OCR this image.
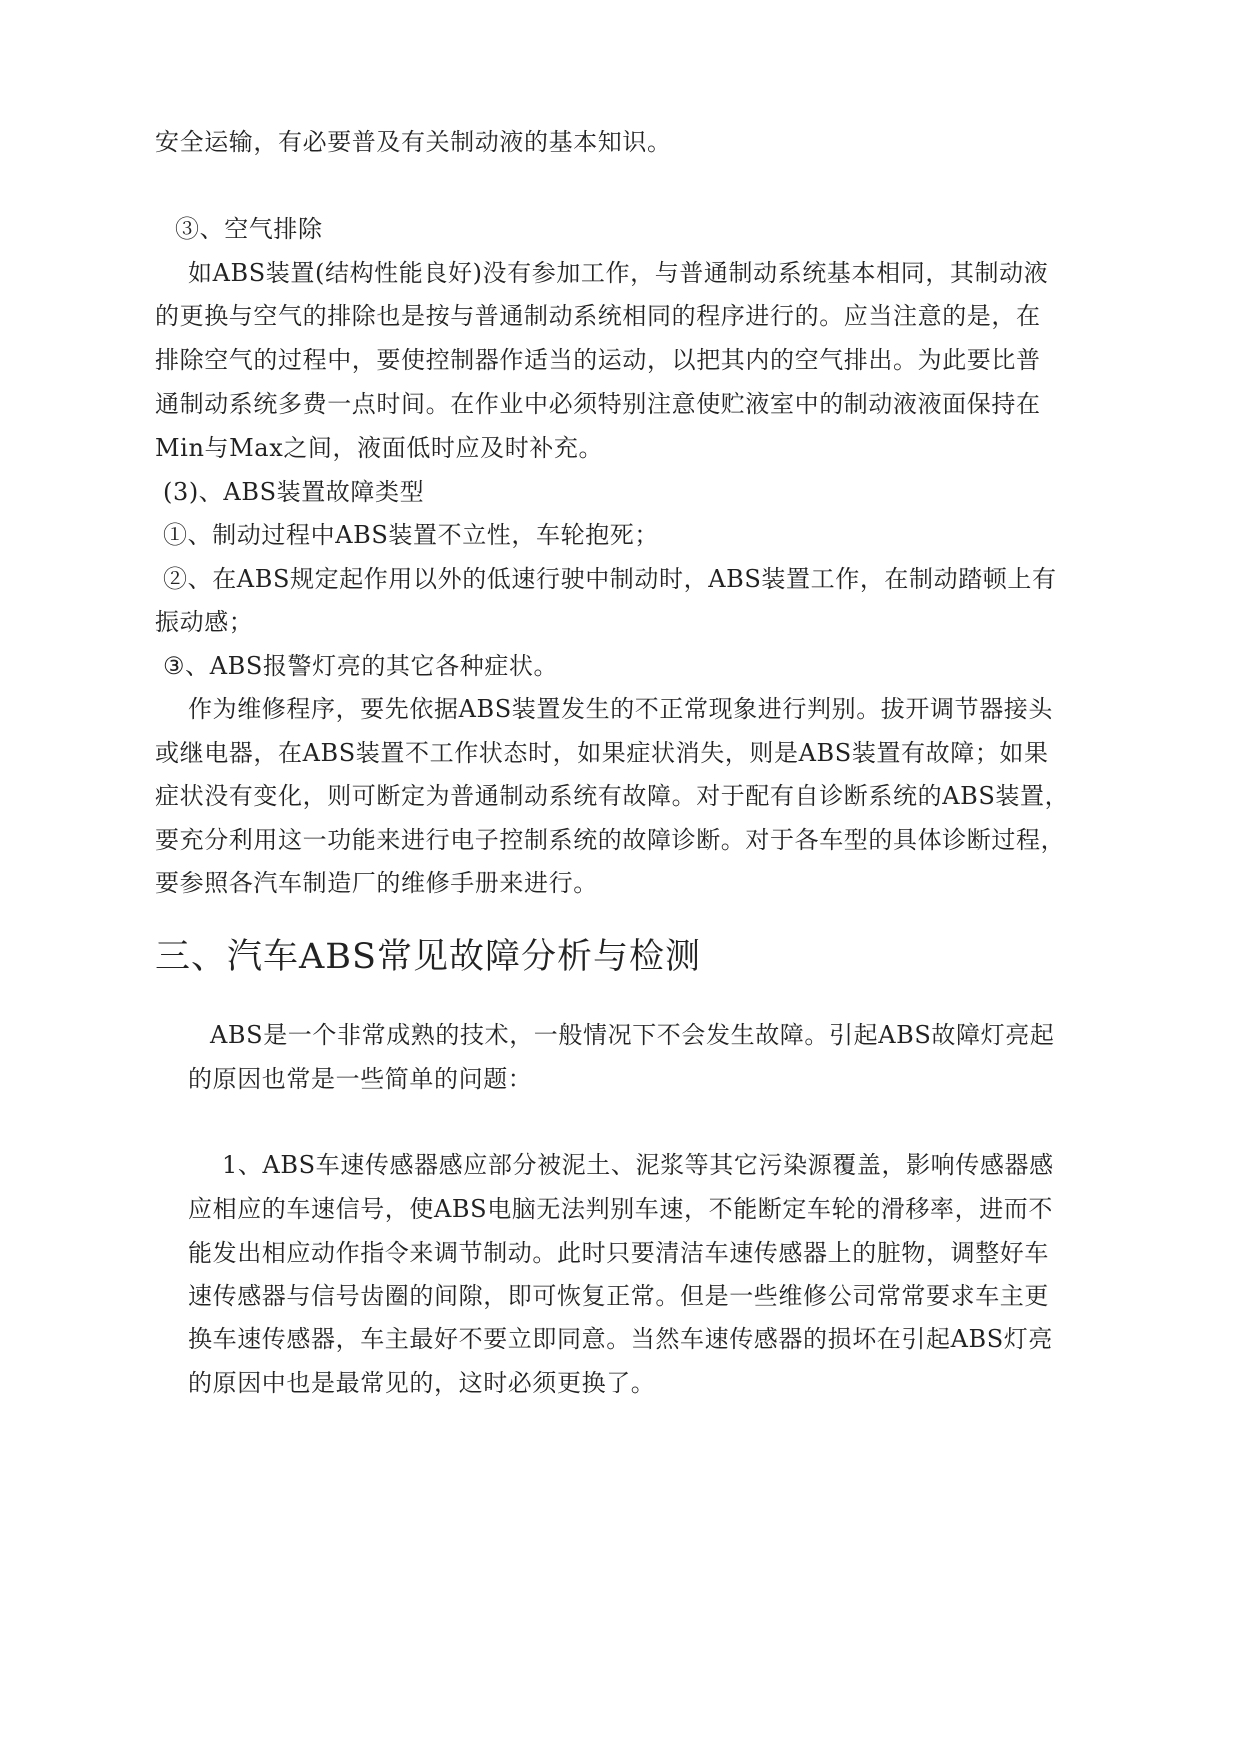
安全运输，有必要普及有关制动液的基本知识。
③、空气排除
如ABS装置(结构性能良好)没有参加工作，与普通制动系统基本相同，其制动液
的更换与空气的排除也是按与普通制动系统相同的程序进行的。应当注意的是，在
排除空气的过程中，要使控制器作适当的运动，以把其内的空气排出。为此要比普
通制动系统多费一点时间。在作业中必须特别注意使贮液室中的制动液液面保持在
Min与Max之间，液面低时应及时补充。
(3)、ABS装置故障类型
①、制动过程中ABS装置不立性，车轮抱死；
②、在ABS规定起作用以外的低速行驶中制动时，ABS装置工作，在制动踏顿上有
振动感；
③、ABS报警灯亮的其它各种症状。
作为维修程序，要先依据ABS装置发生的不正常现象进行判别。拔开调节器接头
或继电器，在ABS装置不工作状态时，如果症状消失，则是ABS装置有故障；如果
症状没有变化，则可断定为普通制动系统有故障。对于配有自诊断系统的ABS装置，
要充分利用这一功能来进行电子控制系统的故障诊断。对于各车型的具体诊断过程，
要参照各汽车制造厂的维修手册来进行。
三、汽车ABS常见故障分析与检测
ABS是一个非常成熟的技术，一般情况下不会发生故障。引起ABS故障灯亮起
的原因也常是一些简单的问题：
1、ABS车速传感器感应部分被泥土、泥浆等其它污染源覆盖，影响传感器感
应相应的车速信号，使ABS电脑无法判别车速，不能断定车轮的滑移率，进而不
能发出相应动作指令来调节制动。此时只要清洁车速传感器上的脏物，调整好车
速传感器与信号齿圈的间隙，即可恢复正常。但是一些维修公司常常要求车主更
换车速传感器，车主最好不要立即同意。当然车速传感器的损坏在引起ABS灯亮
的原因中也是最常见的，这时必须更换了。
